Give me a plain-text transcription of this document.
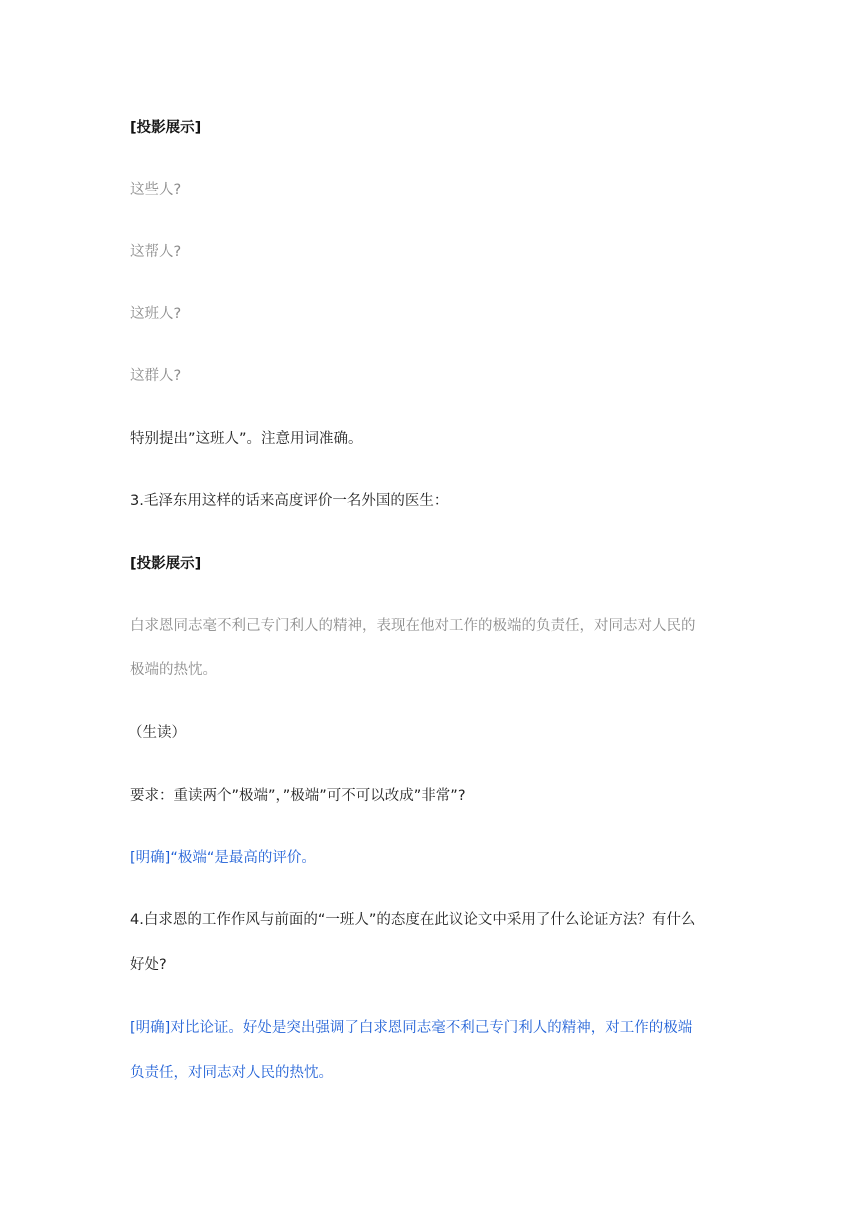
[投影展示]
这些人?
这帮人?
这班人?
这群人?
特别提出”这班人”。注意用词准确。
3.毛泽东用这样的话来高度评价一名外国的医生：
[投影展示]
白求恩同志毫不利己专门利人的精神，表现在他对工作的极端的负责任，对同志对人民的
极端的热忱。
（生读）
要求：重读两个”极端”，”极端”可不可以改成”非常”?
[明确]“极端“是最高的评价。
4.白求恩的工作作风与前面的“一班人”的态度在此议论文中采用了什么论证方法？有什么
好处?
[明确]对比论证。好处是突出强调了白求恩同志毫不利己专门利人的精神，对工作的极端
负责任，对同志对人民的热忱。
